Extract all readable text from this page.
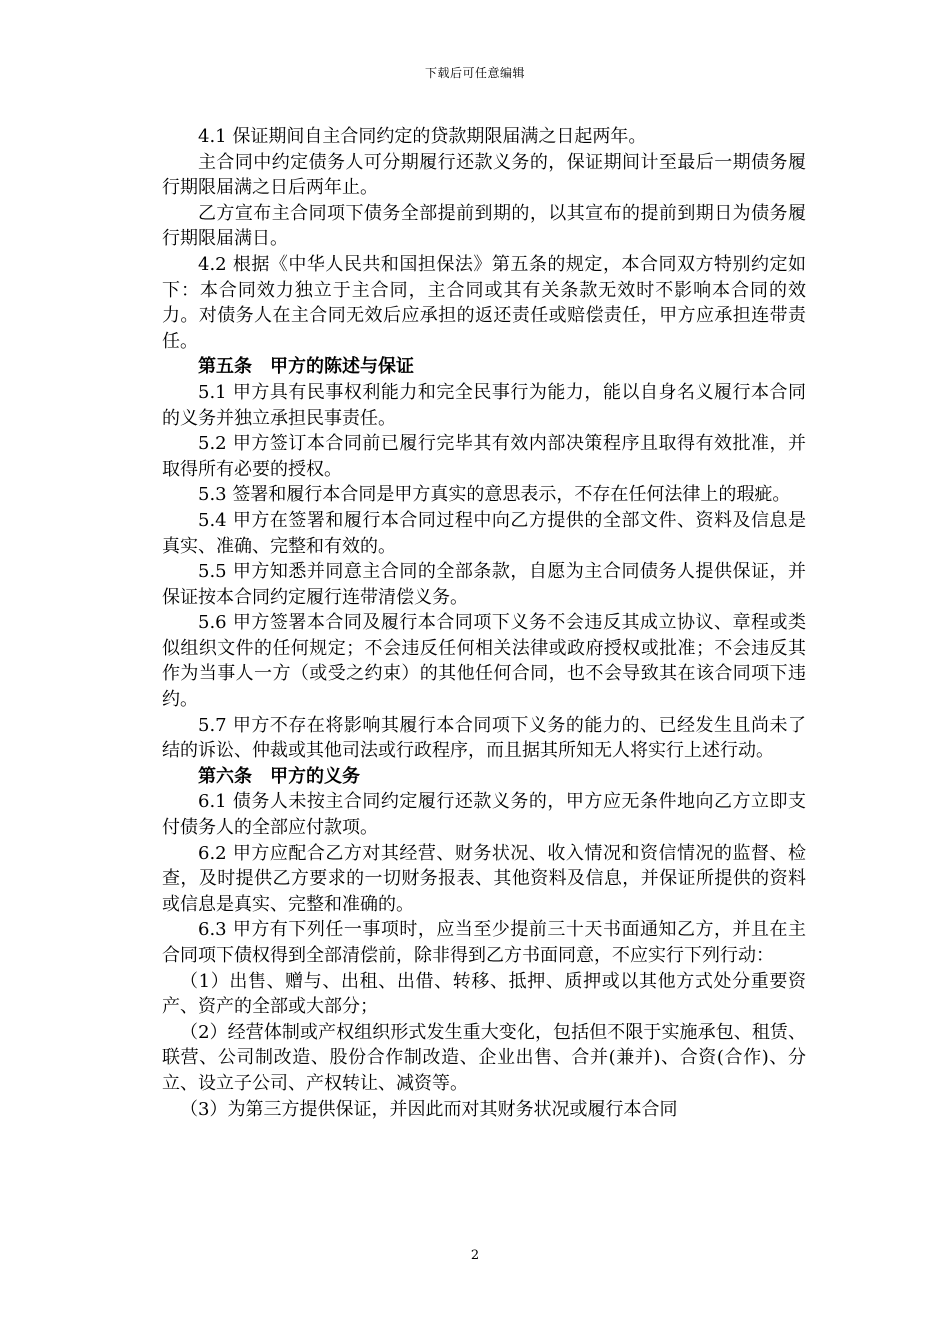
下载后可任意编辑

4.1 保证期间自主合同约定的贷款期限届满之日起两年。

主合同中约定债务人可分期履行还款义务的，保证期间计至最后一期债务履行期限届满之日后两年止。

乙方宣布主合同项下债务全部提前到期的，以其宣布的提前到期日为债务履行期限届满日。

4.2 根据《中华人民共和国担保法》第五条的规定，本合同双方特别约定如下：本合同效力独立于主合同，主合同或其有关条款无效时不影响本合同的效力。对债务人在主合同无效后应承担的返还责任或赔偿责任，甲方应承担连带责任。

第五条　甲方的陈述与保证

5.1 甲方具有民事权利能力和完全民事行为能力，能以自身名义履行本合同的义务并独立承担民事责任。

5.2 甲方签订本合同前已履行完毕其有效内部决策程序且取得有效批准，并取得所有必要的授权。

5.3 签署和履行本合同是甲方真实的意思表示，不存在任何法律上的瑕疵。

5.4 甲方在签署和履行本合同过程中向乙方提供的全部文件、资料及信息是真实、准确、完整和有效的。

5.5 甲方知悉并同意主合同的全部条款，自愿为主合同债务人提供保证，并保证按本合同约定履行连带清偿义务。

5.6 甲方签署本合同及履行本合同项下义务不会违反其成立协议、章程或类似组织文件的任何规定；不会违反任何相关法律或政府授权或批准；不会违反其作为当事人一方（或受之约束）的其他任何合同，也不会导致其在该合同项下违约。

5.7 甲方不存在将影响其履行本合同项下义务的能力的、已经发生且尚未了结的诉讼、仲裁或其他司法或行政程序，而且据其所知无人将实行上述行动。

第六条　甲方的义务

6.1 债务人未按主合同约定履行还款义务的，甲方应无条件地向乙方立即支付债务人的全部应付款项。

6.2 甲方应配合乙方对其经营、财务状况、收入情况和资信情况的监督、检查，及时提供乙方要求的一切财务报表、其他资料及信息，并保证所提供的资料或信息是真实、完整和准确的。

6.3 甲方有下列任一事项时，应当至少提前三十天书面通知乙方，并且在主合同项下债权得到全部清偿前，除非得到乙方书面同意，不应实行下列行动：

（1）出售、赠与、出租、出借、转移、抵押、质押或以其他方式处分重要资产、资产的全部或大部分；

（2）经营体制或产权组织形式发生重大变化，包括但不限于实施承包、租赁、联营、公司制改造、股份合作制改造、企业出售、合并(兼并)、合资(合作)、分立、设立子公司、产权转让、减资等。

（3）为第三方提供保证，并因此而对其财务状况或履行本合同

2
